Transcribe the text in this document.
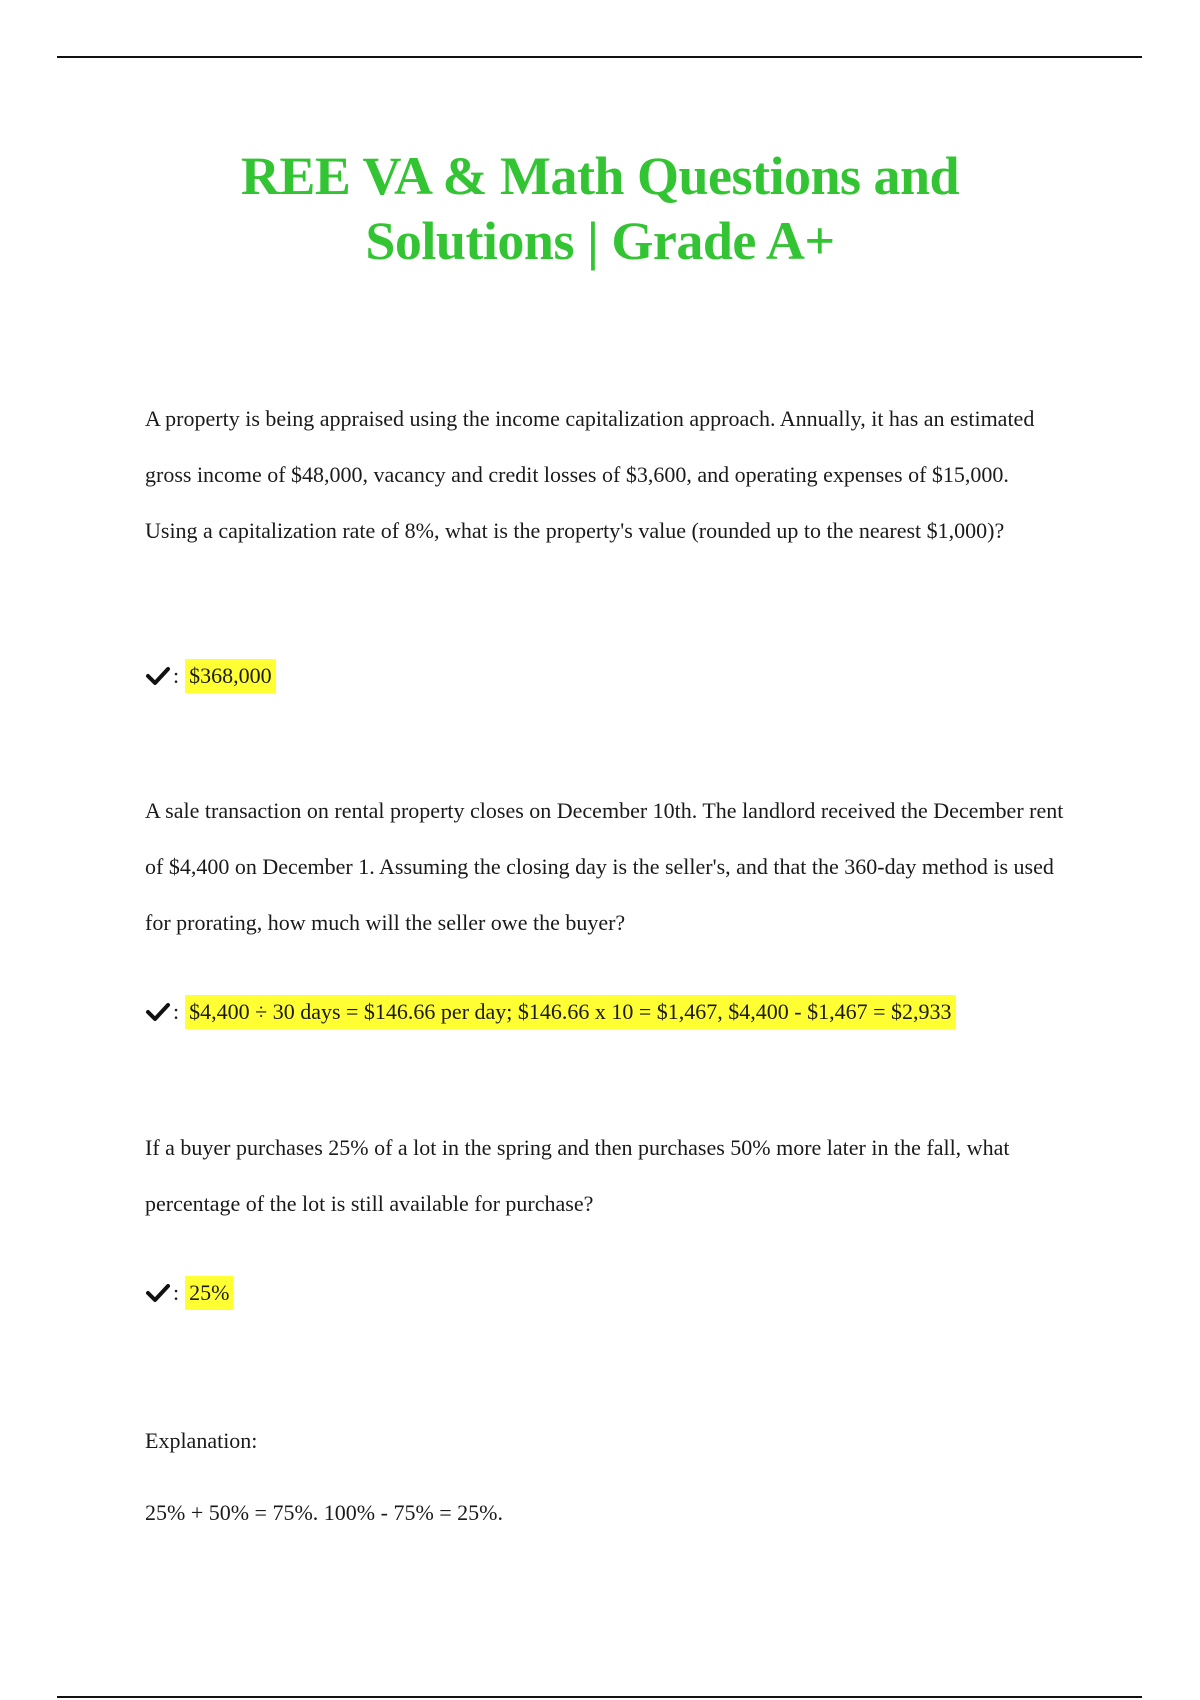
REE VA & Math Questions and
Solutions | Grade A+

A property is being appraised using the income capitalization approach. Annually, it has an estimated gross income of $48,000, vacancy and credit losses of $3,600, and operating expenses of $15,000. Using a capitalization rate of 8%, what is the property's value (rounded up to the nearest $1,000)?

: $368,000

A sale transaction on rental property closes on December 10th. The landlord received the December rent of $4,400 on December 1. Assuming the closing day is the seller's, and that the 360-day method is used for prorating, how much will the seller owe the buyer?

: $4,400 ÷ 30 days = $146.66 per day; $146.66 x 10 = $1,467, $4,400 - $1,467 = $2,933

If a buyer purchases 25% of a lot in the spring and then purchases 50% more later in the fall, what percentage of the lot is still available for purchase?

: 25%

Explanation:

25% + 50% = 75%. 100% - 75% = 25%.
